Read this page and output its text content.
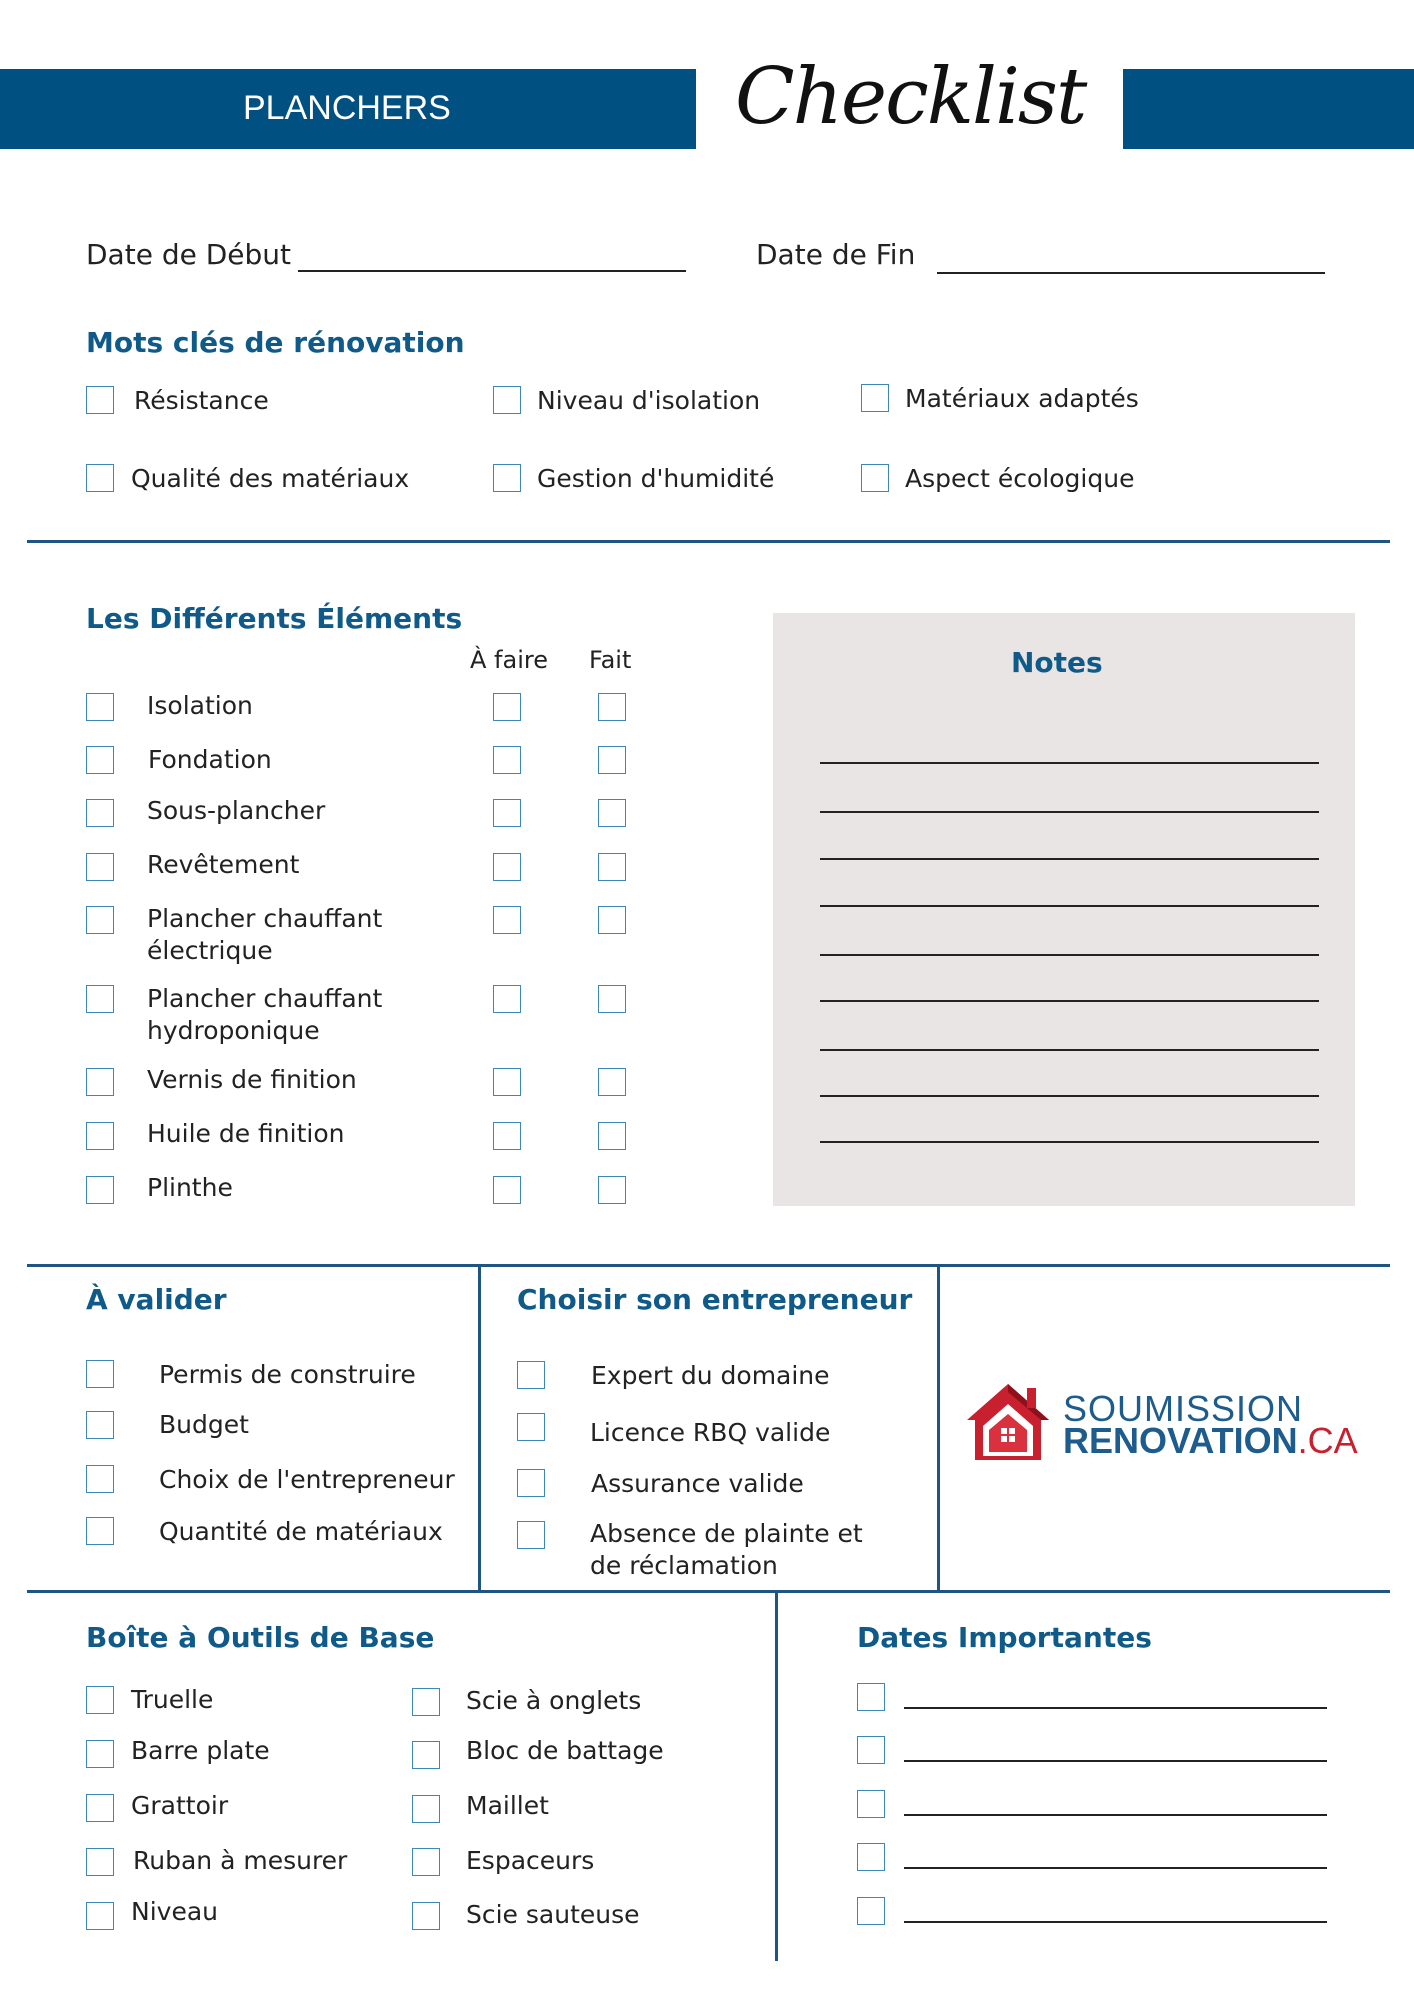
PLANCHERS	Checklist
Date de Début	Date de Fin
Mots clés de rénovation
Résistance	Niveau d'isolation	Matériaux adaptés
Qualité des matériaux	Gestion d'humidité	Aspect écologique
Les Différents Éléments
À faire Fait
Isolation
Fondation
Sous-plancher
Revêtement
Plancher chauffant électrique
Plancher chauffant hydroponique
Vernis de finition
Huile de finition
Plinthe
Notes
À valider
Permis de construire
Budget
Choix de l'entrepreneur
Quantité de matériaux
Choisir son entrepreneur
Expert du domaine
Licence RBQ valide
Assurance valide
Absence de plainte et de réclamation
SOUMISSION
RENOVATION.CA
Boîte à Outils de Base
Truelle
Barre plate
Grattoir
Ruban à mesurer
Niveau
Scie à onglets
Bloc de battage
Maillet
Espaceurs
Scie sauteuse
Dates Importantes
